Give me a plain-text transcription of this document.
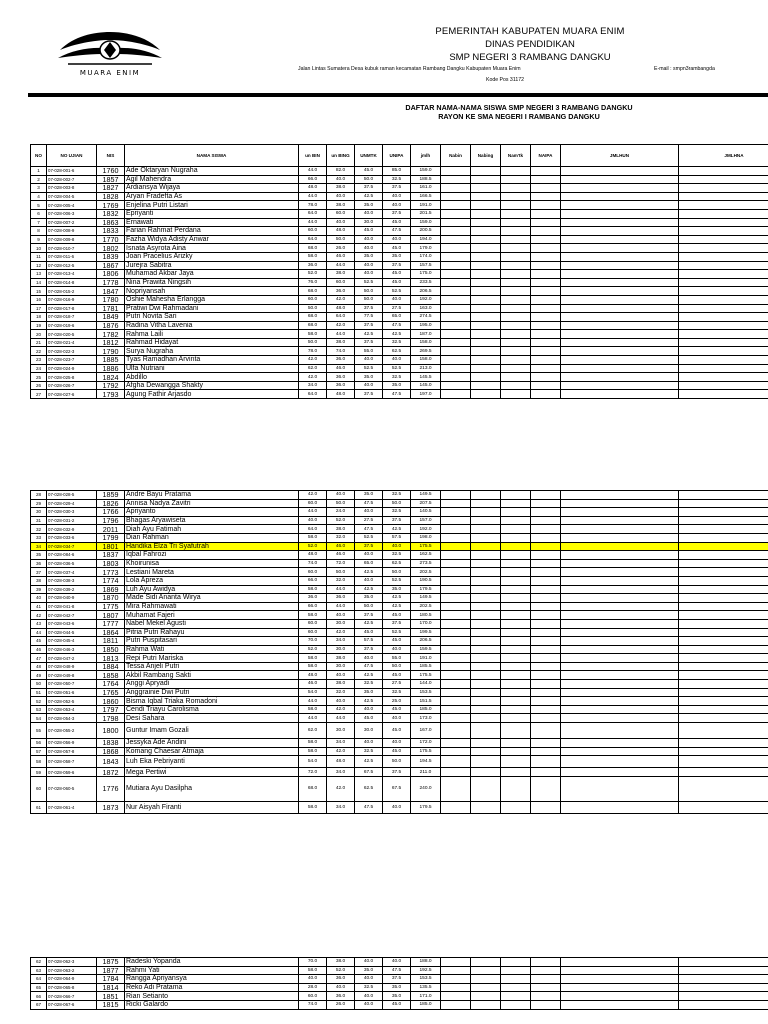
MUARA ENIM
PEMERINTAH KABUPATEN MUARA ENIM
DINAS PENDIDIKAN
SMP NEGERI 3 RAMBANG DANGKU
Jalan Lintas Sumatera Desa kubuk raman kecamatan Rambang Dangku Kabupaten Muara Enim	E-mail : smpn3rambangda
Kode Pos 31172
DAFTAR NAMA-NAMA SISWA SMP NEGERI 3 RAMBANG DANGKU
RAYON KE SMA NEGERI I RAMBANG DANGKU
NO	NO UJIAN	NIS	NAMA SISWA	un BIN	un BING	UNMTK	UNIPA	jmlh	Nabin	Nabing	Nam'tk	NAIPA	JMLHUN	JMLHNA
1	07-028-001-6	1760	Ade Oktaryan Nugraha	44.0	82.0	45.0	85.0	159.0						
2	07-028-002-7	1857	Agil Mahendra	66.0	40.0	50.0	32.5	188.5						
3	07-028-003-8	1827	Ardiansya Wijaya	48.0	38.0	37.5	37.5	161.0						
4	07-028-004-5	1828	Aryan Fradefta As	44.0	40.0	42.5	40.0	166.5						
5	07-028-005-4	1769	Enjelina Putri Listari	78.0	38.0	35.0	40.0	191.0						
6	07-028-006-3	1832	Epriyanti	64.0	60.0	40.0	37.5	201.5						
7	07-028-007-2	1863	Ernawati	44.0	40.0	30.0	45.0	159.0						
8	07-028-008-9	1833	Farian Rahmat Perdana	60.0	48.0	45.0	47.5	200.5						
9	07-028-009-8	1770	Fazha Widya Adisty Anwar	64.0	50.0	40.0	40.0	194.0						
10	07-028-010-7	1802	Isnata Asyrota Aina	68.0	26.0	40.0	45.0	179.0						
11	07-028-011-6	1839	Joan Pracelius Arizky	58.0	46.0	35.0	35.0	174.0						
12	07-028-012-5	1867	Jurejra Sabitra	36.0	44.0	40.0	37.5	157.5						
13	07-028-013-4	1806	Muhamad Akbar Jaya	52.0	38.0	40.0	45.0	175.0						
14	07-028-014-8	1778	Nina Prawita Ningsih	76.0	60.0	52.5	45.0	233.5						
15	07-028-015-2	1847	Nopriyansah	68.0	36.0	50.0	52.5	206.5						
16	07-028-016-9	1780	Oshie Mahesha Erlangga	60.0	42.0	50.0	40.0	192.0						
17	07-028-017-8	1781	Pratiwi Dwi Rahmadani	50.0	48.0	37.5	27.5	163.0						
18	07-028-018-7	1849	Putri Novita Sari	68.0	64.0	77.5	65.0	274.5						
19	07-028-019-6	1876	Radina Vitha Lavenia	68.0	42.0	37.5	47.5	195.0						
20	07-028-020-5	1782	Rahma Laili	58.0	44.0	42.5	42.5	187.0						
21	07-028-021-4	1812	Rahmad Hidayat	50.0	38.0	37.5	32.5	158.0						
22	07-028-022-3	1790	Surya Nugraha	78.0	74.0	55.0	62.5	269.5						
23	07-028-023-7	1885	Tyas Ramadhan Arvinta	42.0	36.0	40.0	40.0	158.0						
24	07-028-024-9	1886	Ulfa Nutriani	62.0	46.0	52.5	52.5	213.0						
25	07-028-025-8	1824	Abdillo	42.0	36.0	35.0	32.5	145.5						
26	07-028-026-7	1792	Afgha Dewangga Shakty	34.0	36.0	40.0	35.0	145.0						
27	07-028-027-6	1793	Agung Fathir Arjasdo	64.0	48.0	37.5	47.5	197.0						
28	07-028-028-5	1859	Andre Bayu Pratama	42.0	40.0	35.0	32.5	149.5						
29	07-028-029-4	1826	Annisa Nadya Zavitri	60.0	50.0	47.5	50.0	207.5						
30	07-028-030-3	1766	Apriyanto	44.0	24.0	40.0	32.5	140.5						
31	07-028-031-2	1796	Bhagas Aryawiseta	40.0	52.0	27.5	37.5	157.0						
32	07-028-032-9	2011	Diah Ayu Fatimah	64.0	38.0	47.5	42.5	192.0						
33	07-028-033-6	1799	Dian Rahman	58.0	32.0	52.5	57.5	198.0						
34	07-028-034-7	1801	Handika Elza Tri Syafutrah	52.0	46.0	37.5	40.0	175.5						
35	07-028-084-6	1837	Iqbal Fahrozi	48.0	46.0	40.0	32.5	162.5						
36	07-028-036-5	1803	Khoirunisa	74.0	72.0	65.0	62.5	273.5						
37	07-028-037-4	1773	Lestiani Mareta	60.0	50.0	42.5	50.0	202.5						
38	07-028-038-3	1774	Lola Apreza	66.0	32.0	40.0	52.5	190.5						
39	07-028-039-2	1869	Luh Ayu Awidya	58.0	44.0	42.5	35.0	179.5						
40	07-028-040-9	1870	Made Sidi Ananta Wirya	36.0	36.0	35.0	42.5	149.5						
41	07-028-041-8	1775	Mira Rahmawati	66.0	44.0	50.0	42.5	202.5						
42	07-028-042-7	1807	Muhamat Fajeri	58.0	40.0	37.5	45.0	180.5						
43	07-028-043-6	1777	Nabel Mekel Agusti	60.0	30.0	42.5	37.5	170.0						
44	07-028-044-5	1864	Pitria Putri Rahayu	60.0	42.0	45.0	52.5	199.5						
45	07-028-045-4	1811	Putri Puspitasari	70.0	34.0	57.5	45.0	206.5						
46	07-028-046-3	1850	Rahma Wati	52.0	30.0	37.5	40.0	159.5						
47	07-028-047-2	1813	Repi Putri Mariska	58.0	38.0	40.0	55.0	191.0						
48	07-028-048-9	1884	Tessa Anjeli Putri	58.0	30.0	47.5	50.0	185.5						
49	07-028-049-8	1858	Akbil Rambang Sakti	48.0	40.0	42.5	45.0	175.5						
50	07-028-050-7	1764	Anggi Apryadi	46.0	38.0	32.5	27.5	144.0						
51	07-028-051-6	1765	Anggrainie Dwi Putri	54.0	32.0	35.0	32.5	153.5						
52	07-028-052-5	1860	Bisma Iqbal Triaka Romadoni	44.0	40.0	42.5	25.0	151.5						
53	07-028-053-4	1797	Cendi Triayu Carolisma	58.0	42.0	40.0	45.0	185.0						
54	07-028-054-3	1798	Desi Sahara	44.0	44.0	45.0	40.0	173.0						
55	07-028-055-2	1800	Guntur Imam Gozali	62.0	30.0	30.0	45.0	167.0						
56	07-028-056-9	1838	Jessyka Ade Andini	58.0	34.0	40.0	40.0	172.0						
57	07-028-057-8	1868	Komang Chaesar Atmaja	58.0	42.0	32.5	45.0	175.5						
58	07-028-058-7	1843	Luh Eka Pebriyanti	54.0	48.0	42.5	50.0	194.5						
59	07-028-059-6	1872	Mega Pertiwi	72.0	34.0	67.5	37.5	211.0						
60	07-028-060-5	1776	Mutiara Ayu Dasilpha	68.0	42.0	62.5	67.5	240.0						
61	07-028-061-4	1873	Nur Aisyah Firanti	58.0	34.0	47.5	40.0	179.5						
62	07-028-062-3	1875	Radeski Yopanda	70.0	38.0	40.0	40.0	188.0						
63	07-028-063-2	1877	Rahmi Yati	58.0	52.0	35.0	47.5	192.5						
64	07-028-064-9	1784	Rangga Apriyansya	40.0	36.0	40.0	37.5	153.5						
65	07-028-065-8	1814	Reko Adi Pratama	28.0	40.0	32.5	35.0	135.5						
66	07-028-066-7	1851	Rian Setianto	60.0	36.0	40.0	35.0	171.0						
67	07-028-067-6	1815	Ricki Galardo	74.0	26.0	40.0	45.0	185.0						
